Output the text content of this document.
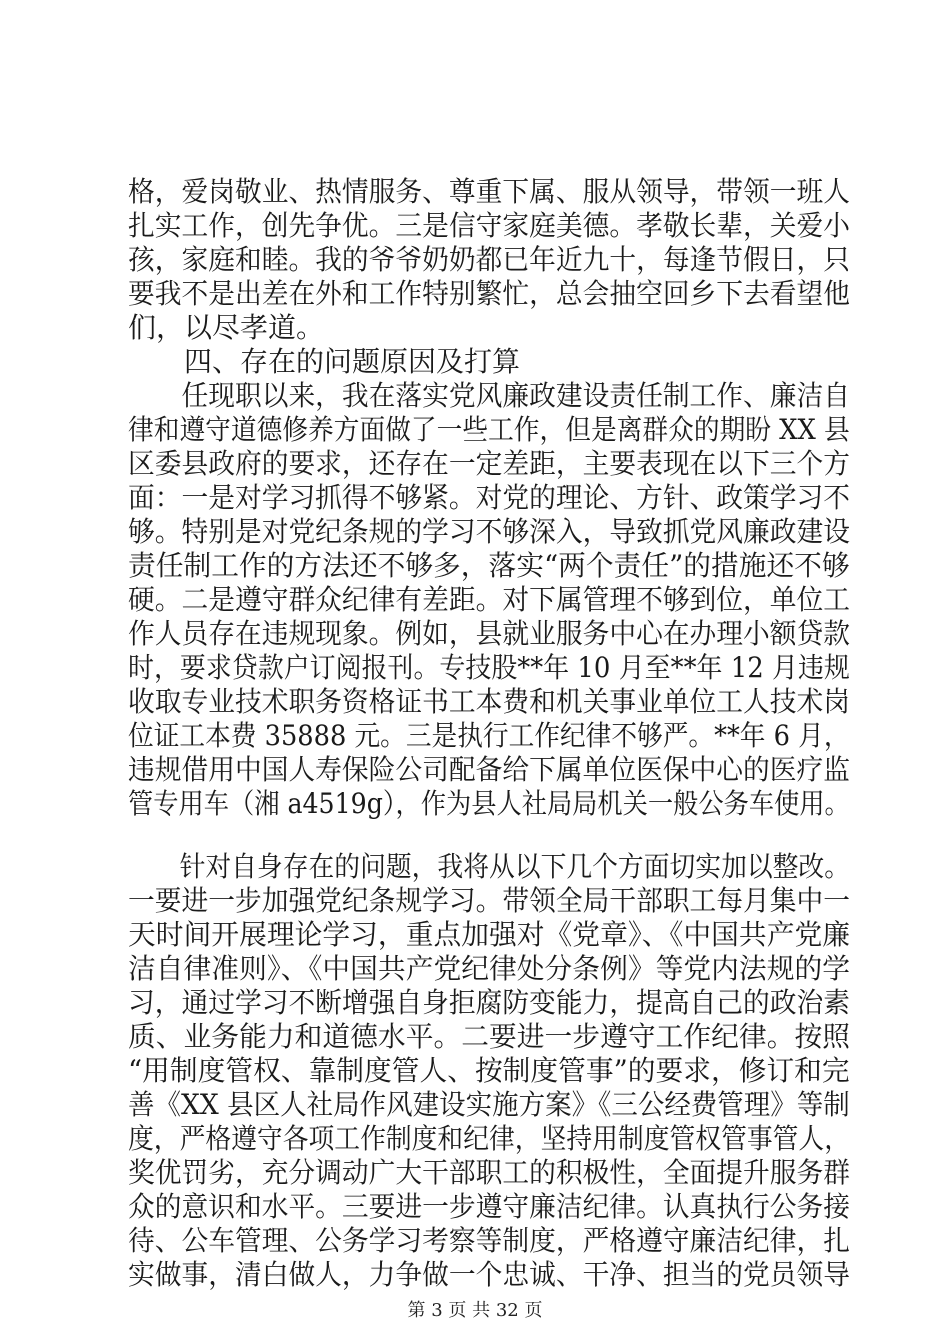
格，爱岗敬业、热情服务、尊重下属、服从领导，带领一班人
扎实工作，创先争优。三是信守家庭美德。孝敬长辈，关爱小
孩，家庭和睦。我的爷爷奶奶都已年近九十，每逢节假日，只
要我不是出差在外和工作特别繁忙，总会抽空回乡下去看望他
们，以尽孝道。
　　四、存在的问题原因及打算
　　任现职以来，我在落实党风廉政建设责任制工作、廉洁自
律和遵守道德修养方面做了一些工作，但是离群众的期盼 XX 县
区委县政府的要求，还存在一定差距，主要表现在以下三个方
面：一是对学习抓得不够紧。对党的理论、方针、政策学习不
够。特别是对党纪条规的学习不够深入，导致抓党风廉政建设
责任制工作的方法还不够多，落实“两个责任”的措施还不够
硬。二是遵守群众纪律有差距。对下属管理不够到位，单位工
作人员存在违规现象。例如，县就业服务中心在办理小额贷款
时，要求贷款户订阅报刊。专技股**年 10 月至**年 12 月违规
收取专业技术职务资格证书工本费和机关事业单位工人技术岗
位证工本费 35888 元。三是执行工作纪律不够严。**年 6 月，
违规借用中国人寿保险公司配备给下属单位医保中心的医疗监
管专用车（湘 a4519g），作为县人社局局机关一般公务车使用。
　　针对自身存在的问题，我将从以下几个方面切实加以整改。
一要进一步加强党纪条规学习。带领全局干部职工每月集中一
天时间开展理论学习，重点加强对《党章》、《中国共产党廉
洁自律准则》、《中国共产党纪律处分条例》等党内法规的学
习，通过学习不断增强自身拒腐防变能力，提高自己的政治素
质、业务能力和道德水平。二要进一步遵守工作纪律。按照
“用制度管权、靠制度管人、按制度管事”的要求，修订和完
善《XX 县区人社局作风建设实施方案》《三公经费管理》等制
度，严格遵守各项工作制度和纪律，坚持用制度管权管事管人，
奖优罚劣，充分调动广大干部职工的积极性，全面提升服务群
众的意识和水平。三要进一步遵守廉洁纪律。认真执行公务接
待、公车管理、公务学习考察等制度，严格遵守廉洁纪律，扎
实做事，清白做人，力争做一个忠诚、干净、担当的党员领导
第 3 页 共 32 页
